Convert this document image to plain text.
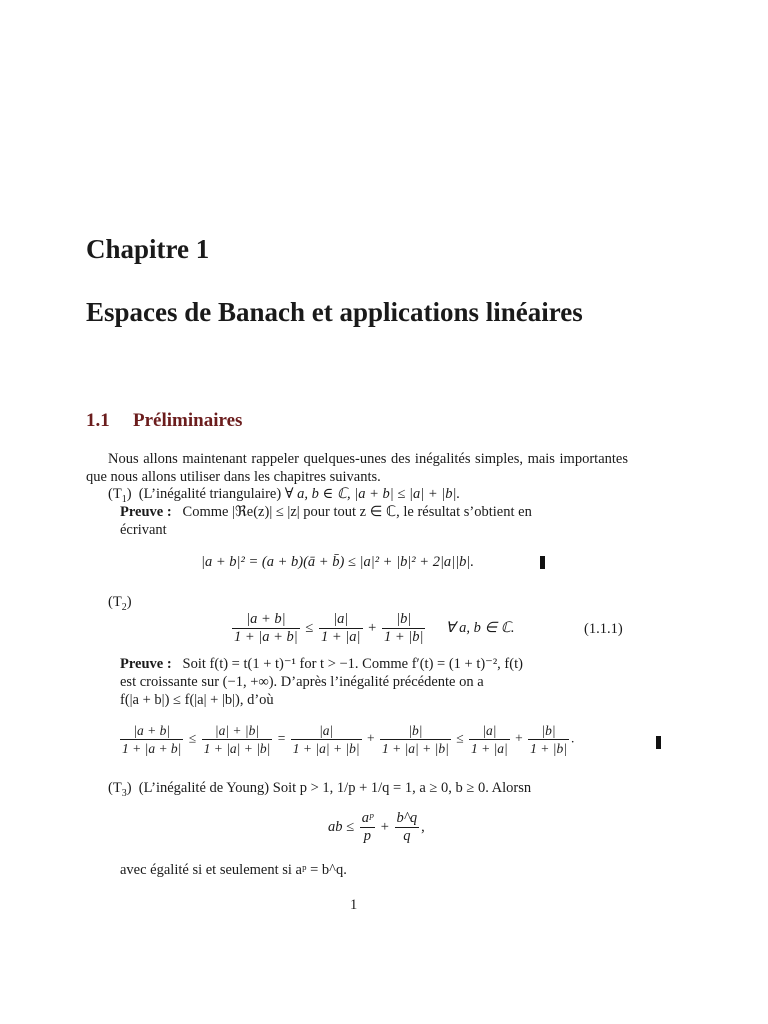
Chapitre 1
Espaces de Banach et applications linéaires
1.1 Préliminaires
Nous allons maintenant rappeler quelques-unes des inégalités simples, mais importantes que nous allons utiliser dans les chapitres suivants.
$(T_1)$ (L’inégalité triangulaire) ∀ a, b ∈ ℂ, |a + b| ≤ |a| + |b|.
Preuve : Comme |ℜe(z)| ≤ |z| pour tout z ∈ ℂ, le résultat s’obtient en
écrivant
|a + b|² = (a + b)(ā + b̄) ≤ |a|² + |b|² + 2|a||b|.
$(T_2)$
$\frac{|a + b|}{1 + |a + b|} \le \frac{|a|}{1 + |a|} + \frac{|b|}{1 + |b|}$ ∀ a, b ∈ ℂ.	(1.1.1)
Preuve : Soit f(t) = t(1 + t)⁻¹ for t > −1. Comme f′(t) = (1 + t)⁻², f(t)
est croissante sur (−1, +∞). D’après l’inégalité précédente on a
f(|a + b|) ≤ f(|a| + |b|), d’où
$\frac{|a + b|}{1 + |a + b|} \le \frac{|a| + |b|}{1 + |a| + |b|} = \frac{|a|}{1 + |a| + |b|} + \frac{|b|}{1 + |a| + |b|} \le \frac{|a|}{1 + |a|} + \frac{|b|}{1 + |b|}$ .
$(T_3)$ (L’inégalité de Young) Soit p > 1, 1/p + 1/q = 1, a ≥ 0, b ≥ 0. Alorsn
ab ≤ $\frac{\text{aᵖ}}{p} + \frac{b\^{}q}{q}$ ,
avec égalité si et seulement si aᵖ = b^q.
1
